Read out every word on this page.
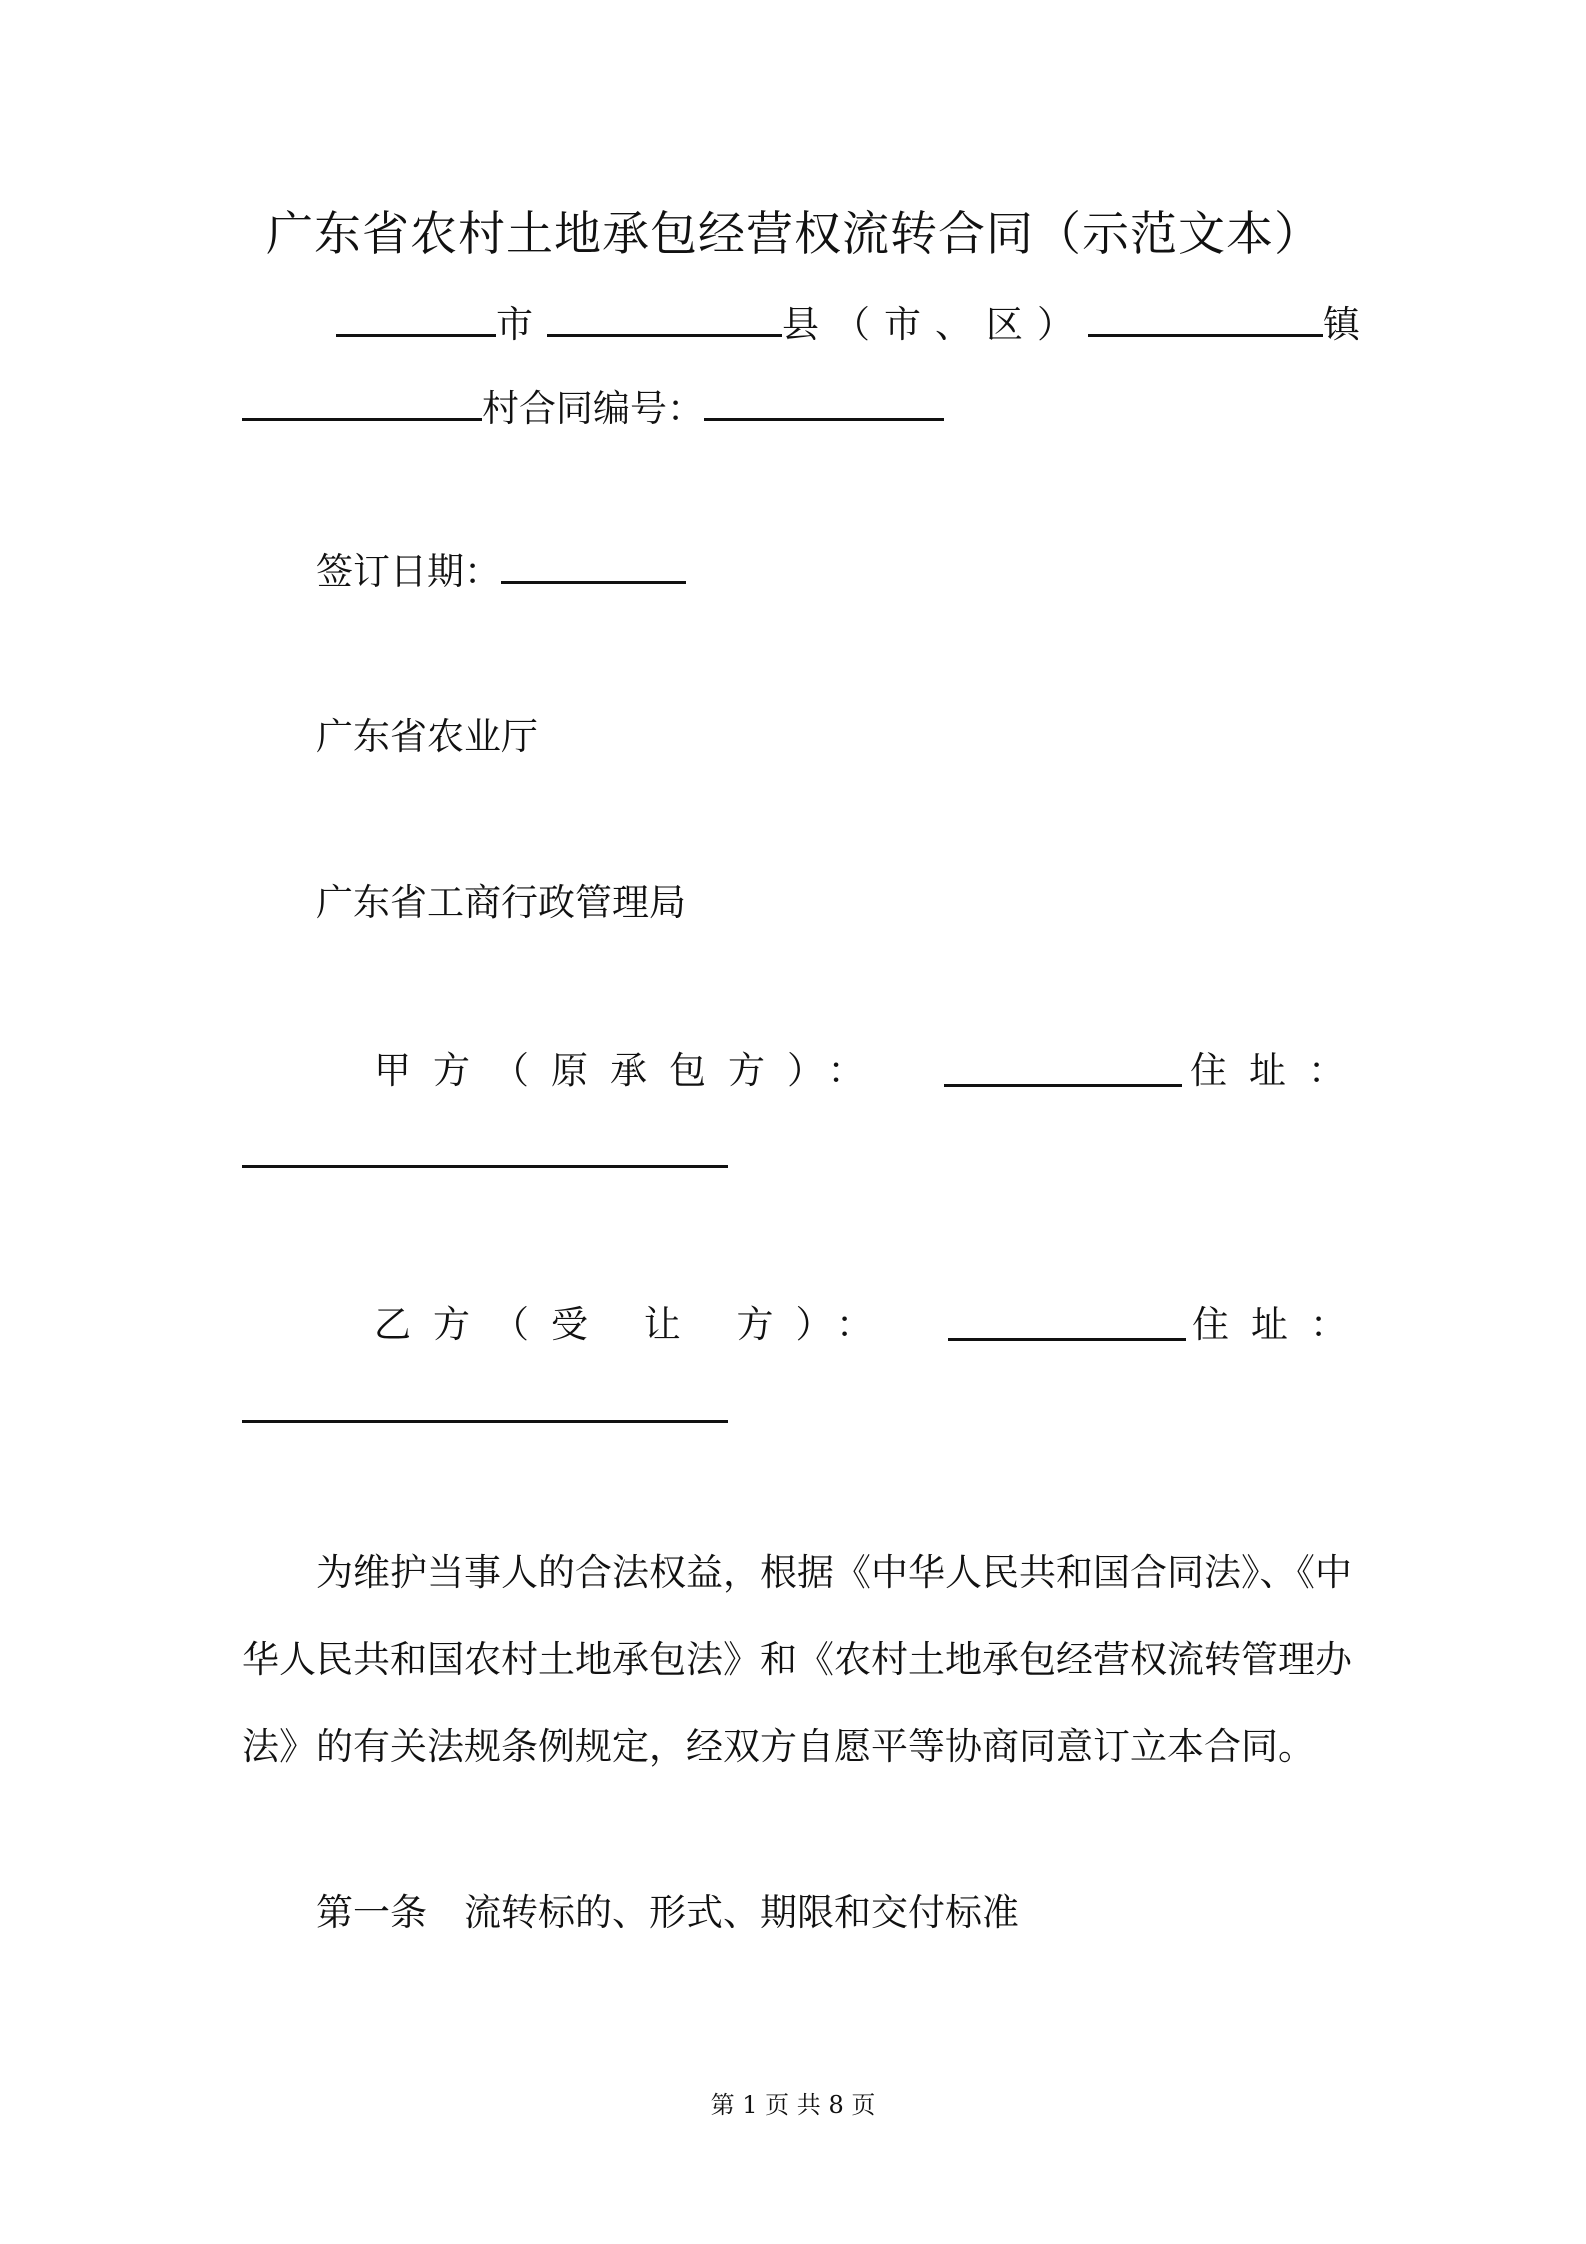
广东省农村土地承包经营权流转合同（示范文本）
市	县（市、区）	镇
村合同编号：
签订日期：
广东省农业厅
广东省工商行政管理局
甲方（原承包方）：	住址：
乙方（受 让 方）：	住址：
为维护当事人的合法权益，根据《中华人民共和国合同法》、《中
华人民共和国农村土地承包法》和《农村土地承包经营权流转管理办
法》的有关法规条例规定，经双方自愿平等协商同意订立本合同。
第一条　流转标的、形式、期限和交付标准
第 1 页 共 8 页
